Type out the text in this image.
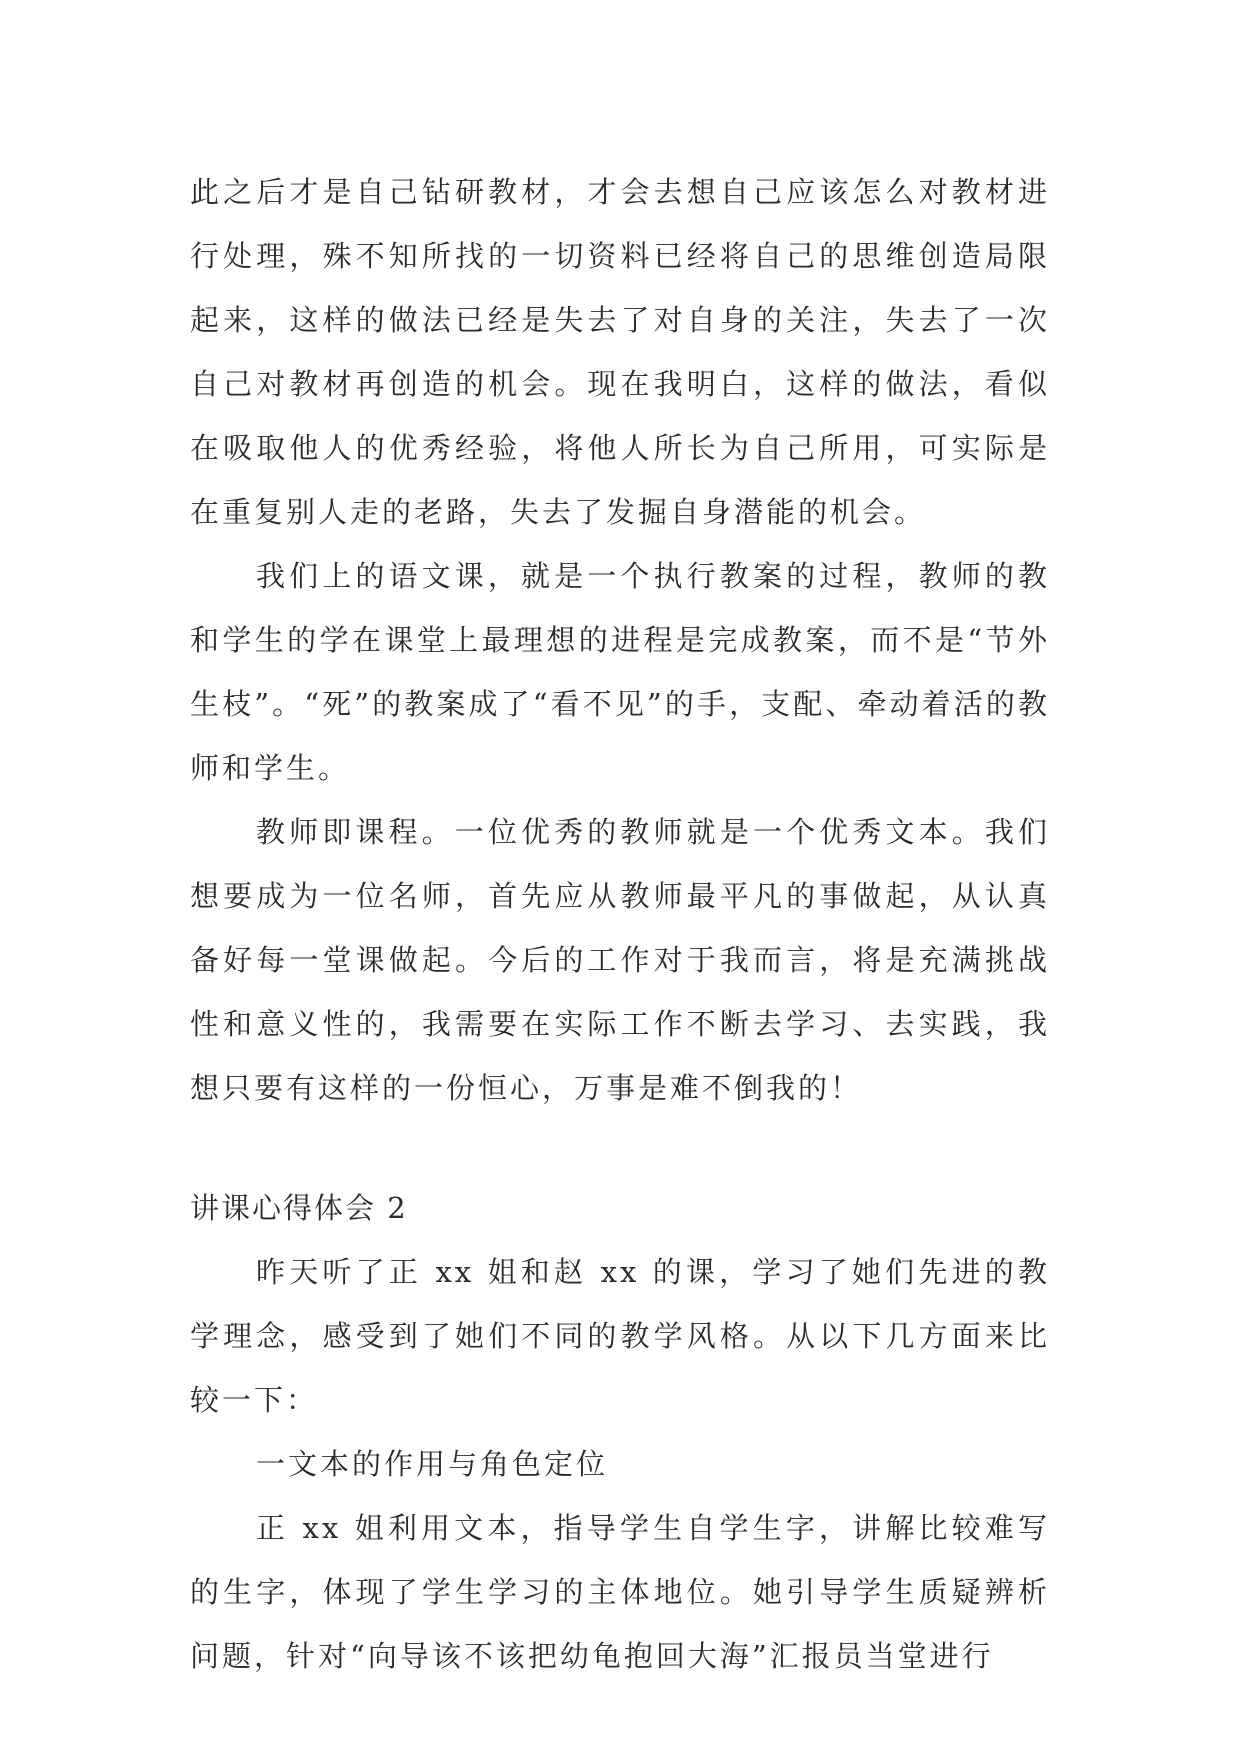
此之后才是自己钻研教材，才会去想自己应该怎么对教材进行处理，殊不知所找的一切资料已经将自己的思维创造局限起来，这样的做法已经是失去了对自身的关注，失去了一次自己对教材再创造的机会。现在我明白，这样的做法，看似在吸取他人的优秀经验，将他人所长为自己所用，可实际是在重复别人走的老路，失去了发掘自身潜能的机会。

我们上的语文课，就是一个执行教案的过程，教师的教和学生的学在课堂上最理想的进程是完成教案，而不是“节外生枝”。“死”的教案成了“看不见”的手，支配、牵动着活的教师和学生。

教师即课程。一位优秀的教师就是一个优秀文本。我们想要成为一位名师，首先应从教师最平凡的事做起，从认真备好每一堂课做起。今后的工作对于我而言，将是充满挑战性和意义性的，我需要在实际工作不断去学习、去实践，我想只要有这样的一份恒心，万事是难不倒我的！

讲课心得体会 2

昨天听了正 xx 姐和赵 xx 的课，学习了她们先进的教学理念，感受到了她们不同的教学风格。从以下几方面来比较一下：

一文本的作用与角色定位

正 xx 姐利用文本，指导学生自学生字，讲解比较难写的生字，体现了学生学习的主体地位。她引导学生质疑辨析问题，针对“向导该不该把幼龟抱回大海”汇报员当堂进行
